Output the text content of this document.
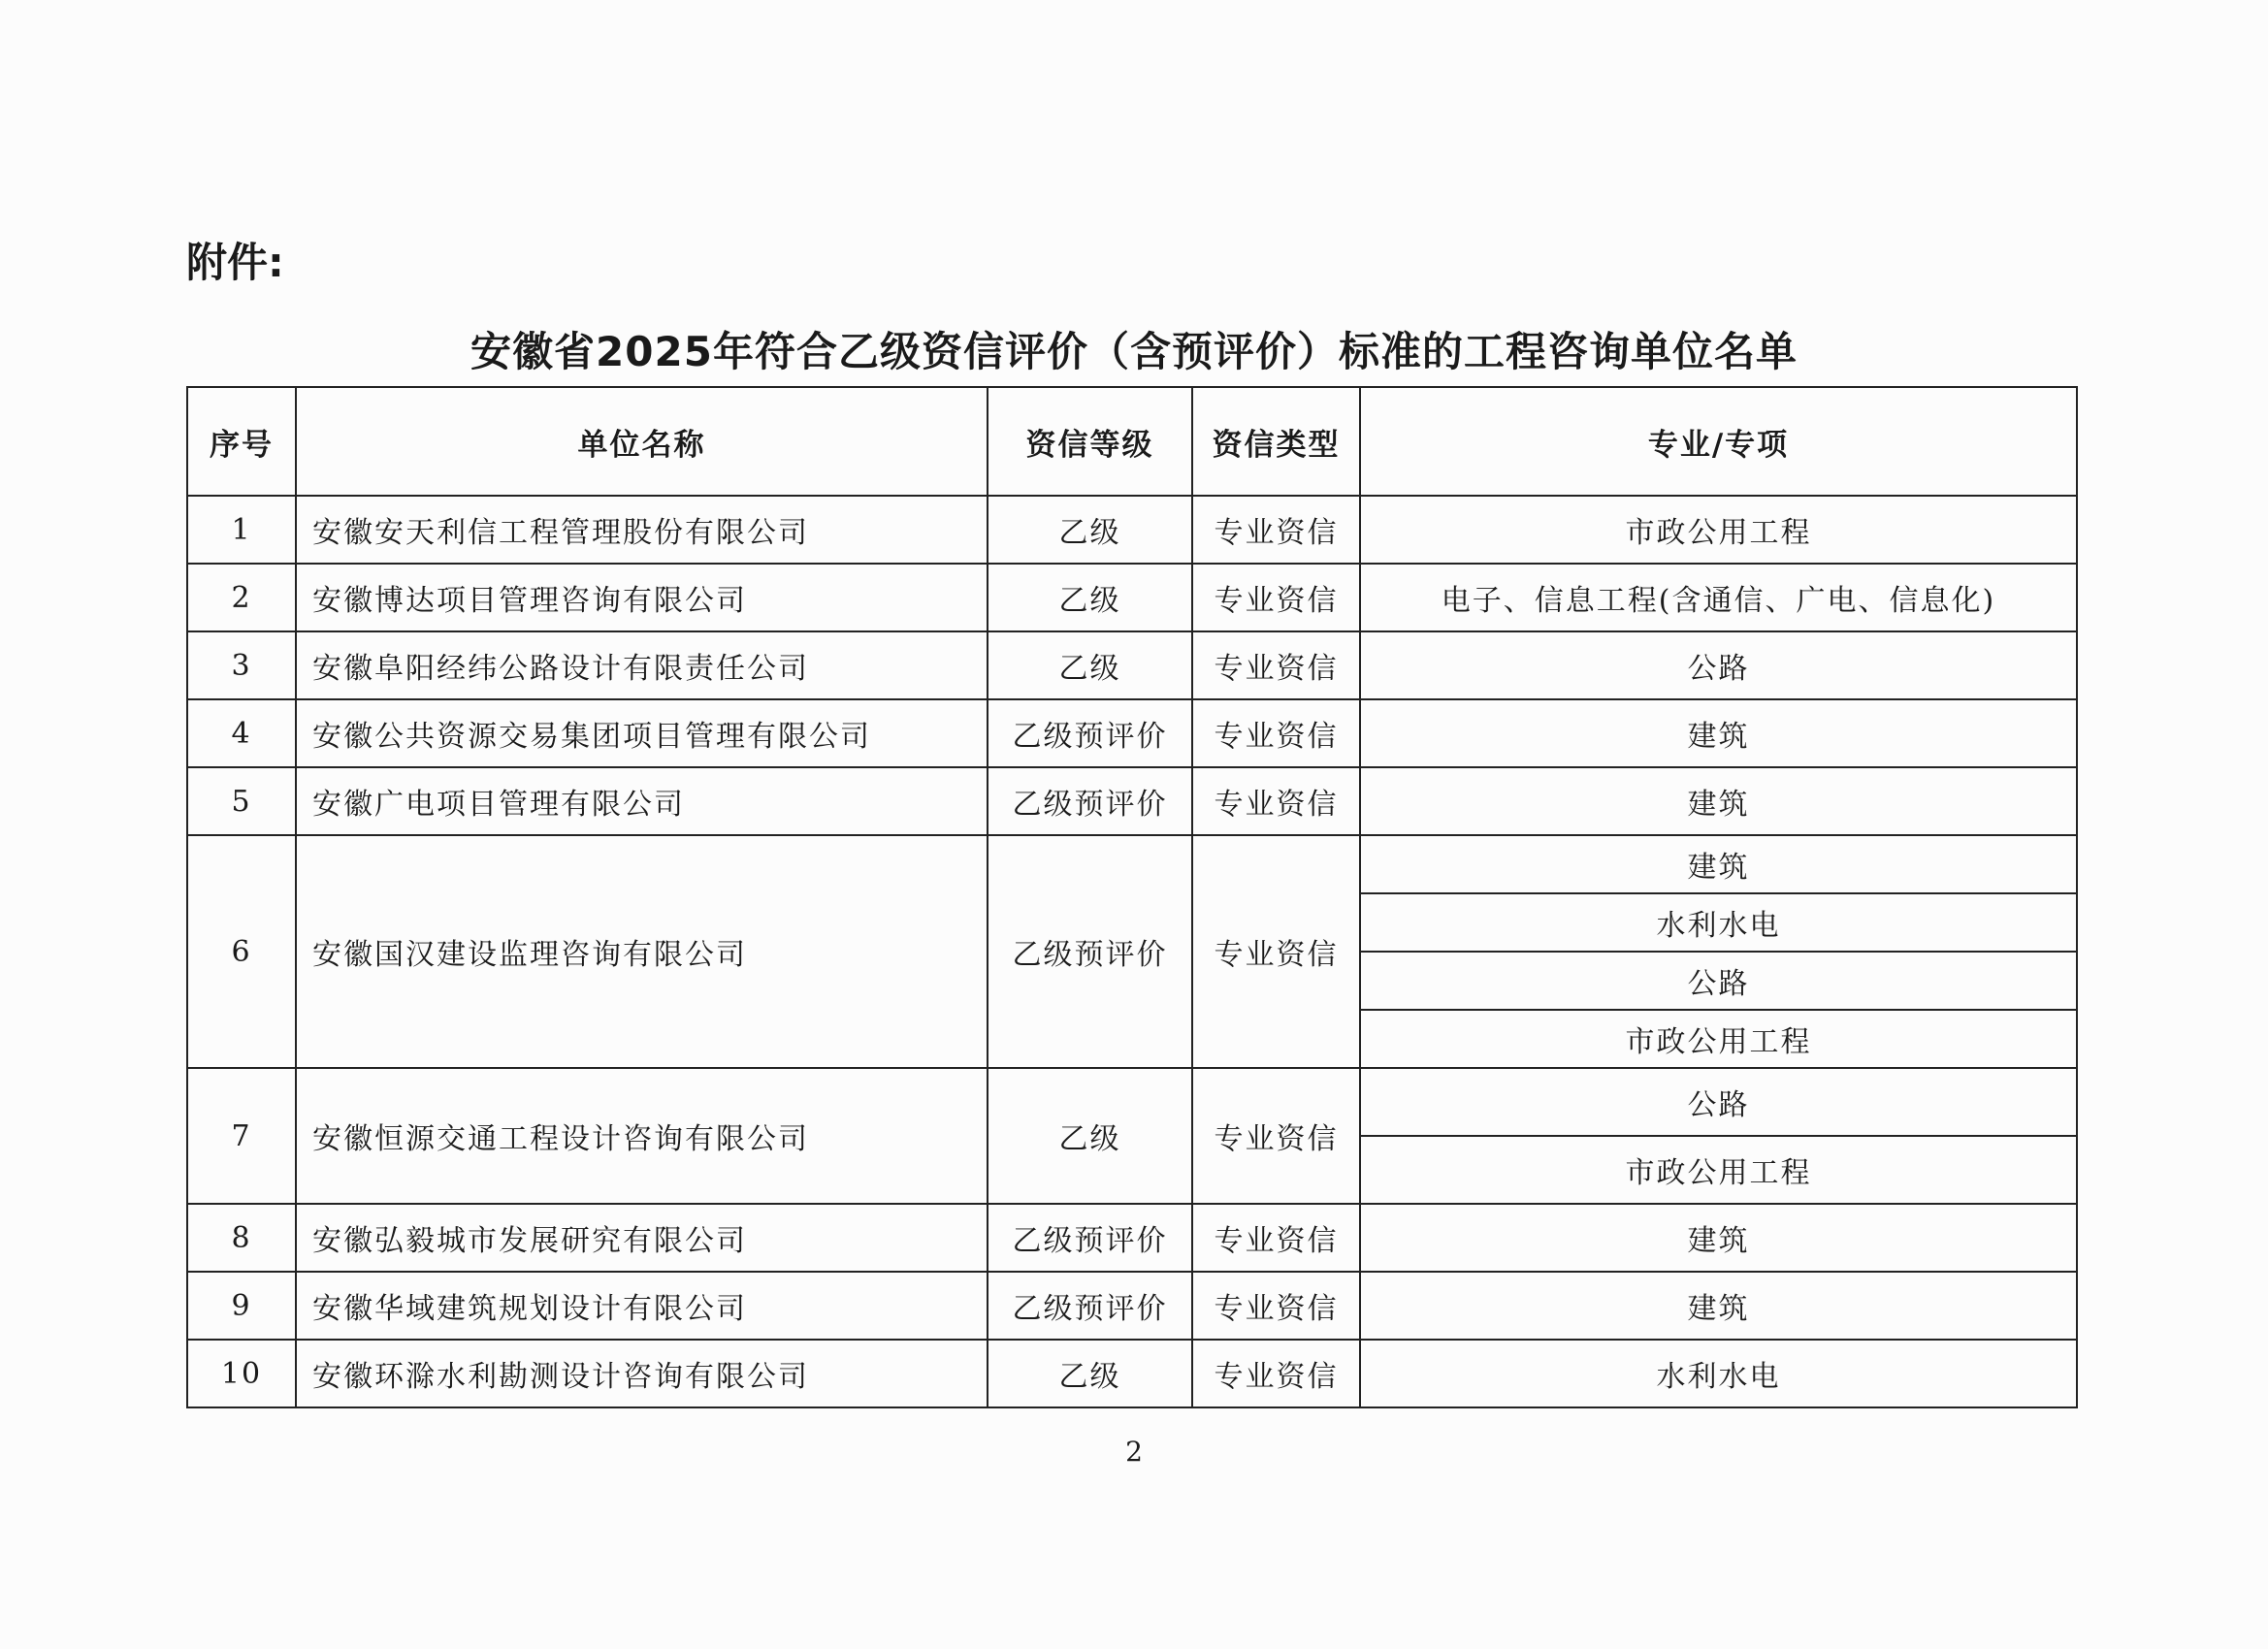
附件:
安徽省2025年符合乙级资信评价（含预评价）标准的工程咨询单位名单
序号	单位名称	资信等级	资信类型	专业/专项
1	安徽安天利信工程管理股份有限公司	乙级	专业资信	市政公用工程
2	安徽博达项目管理咨询有限公司	乙级	专业资信	电子、信息工程(含通信、广电、信息化)
3	安徽阜阳经纬公路设计有限责任公司	乙级	专业资信	公路
4	安徽公共资源交易集团项目管理有限公司	乙级预评价	专业资信	建筑
5	安徽广电项目管理有限公司	乙级预评价	专业资信	建筑
6	安徽国汉建设监理咨询有限公司	乙级预评价	专业资信	建筑
				水利水电
				公路
				市政公用工程
7	安徽恒源交通工程设计咨询有限公司	乙级	专业资信	公路
				市政公用工程
8	安徽弘毅城市发展研究有限公司	乙级预评价	专业资信	建筑
9	安徽华域建筑规划设计有限公司	乙级预评价	专业资信	建筑
10	安徽环滁水利勘测设计咨询有限公司	乙级	专业资信	水利水电
2
